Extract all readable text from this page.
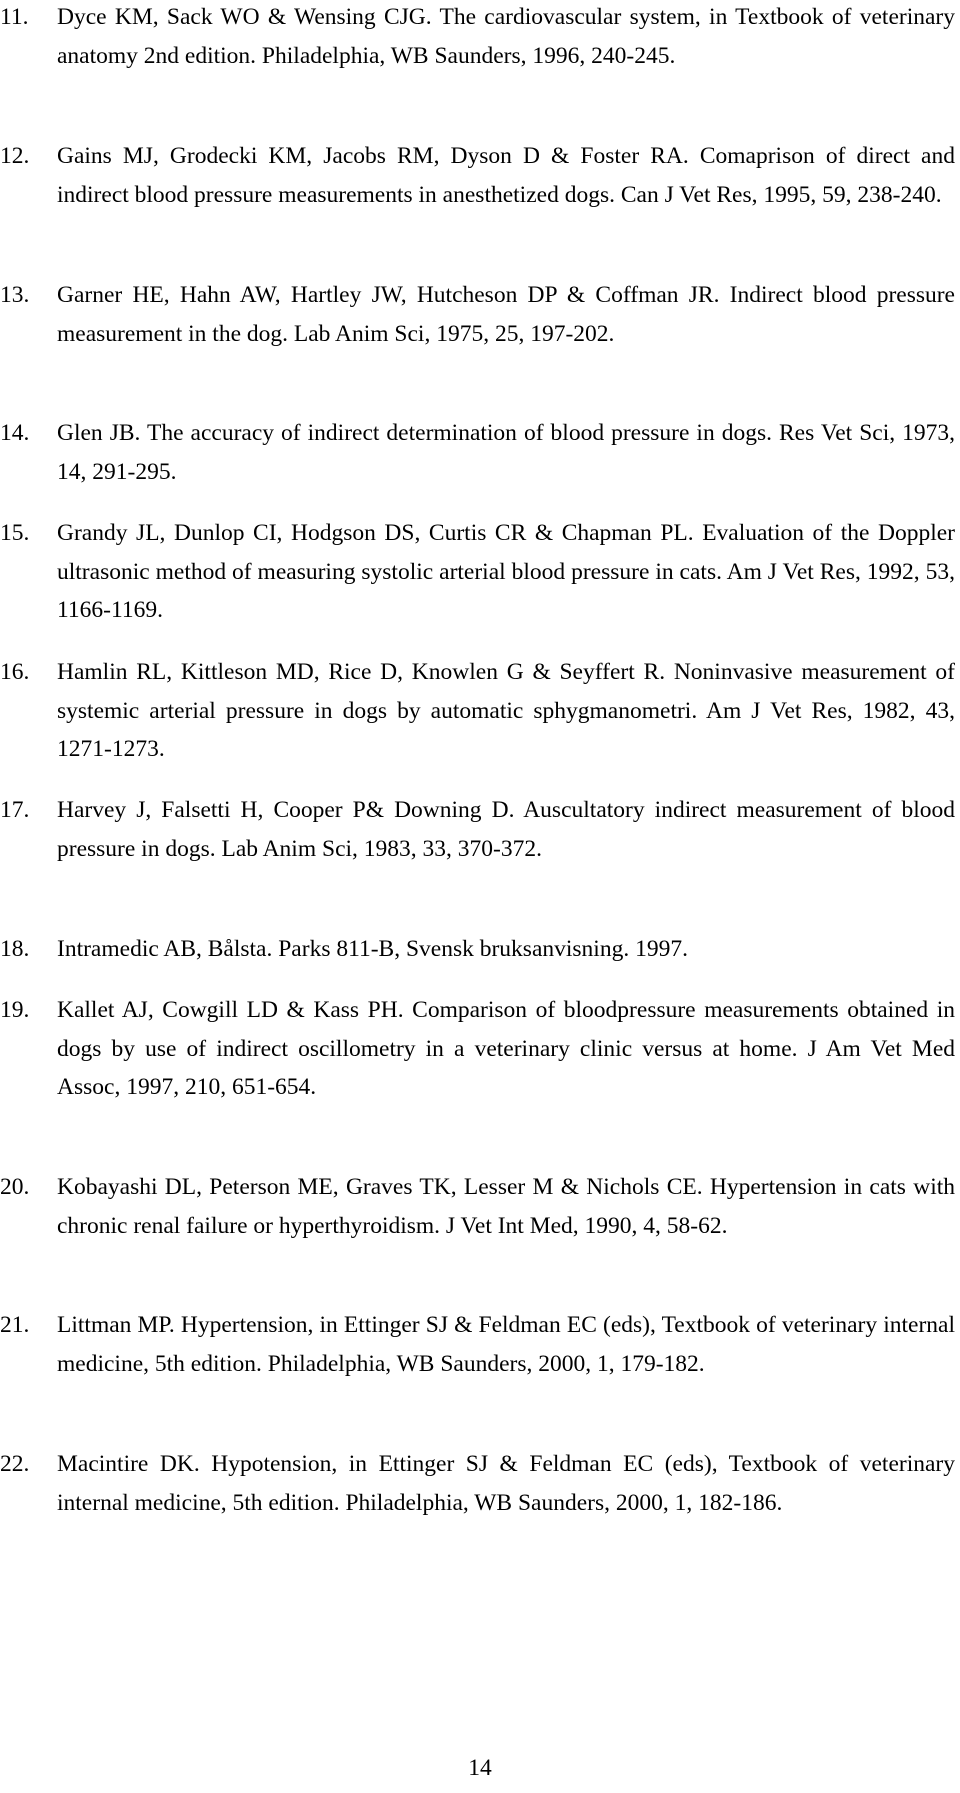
11. Dyce KM, Sack WO & Wensing CJG. The cardiovascular system, in Textbook of veterinary anatomy 2nd edition. Philadelphia, WB Saunders, 1996, 240-245.
12. Gains MJ, Grodecki KM, Jacobs RM, Dyson D & Foster RA. Comaprison of direct and indirect blood pressure measurements in anesthetized dogs. Can J Vet Res, 1995, 59, 238-240.
13. Garner HE, Hahn AW, Hartley JW, Hutcheson DP & Coffman JR. Indirect blood pressure measurement in the dog. Lab Anim Sci, 1975, 25, 197-202.
14. Glen JB. The accuracy of indirect determination of blood pressure in dogs. Res Vet Sci, 1973, 14, 291-295.
15. Grandy JL, Dunlop CI, Hodgson DS, Curtis CR & Chapman PL. Evaluation of the Doppler ultrasonic method of measuring systolic arterial blood pressure in cats. Am J Vet Res, 1992, 53, 1166-1169.
16. Hamlin RL, Kittleson MD, Rice D, Knowlen G & Seyffert R. Noninvasive measurement of systemic arterial pressure in dogs by automatic sphygmanometri. Am J Vet Res, 1982, 43, 1271-1273.
17. Harvey J, Falsetti H, Cooper P& Downing D. Auscultatory indirect measurement of blood pressure in dogs. Lab Anim Sci, 1983, 33, 370-372.
18. Intramedic AB, Bålsta. Parks 811-B, Svensk bruksanvisning. 1997.
19. Kallet AJ, Cowgill LD & Kass PH. Comparison of bloodpressure measurements obtained in dogs by use of indirect oscillometry in a veterinary clinic versus at home. J Am Vet Med Assoc, 1997, 210, 651-654.
20. Kobayashi DL, Peterson ME, Graves TK, Lesser M & Nichols CE. Hypertension in cats with chronic renal failure or hyperthyroidism. J Vet Int Med, 1990, 4, 58-62.
21. Littman MP. Hypertension, in Ettinger SJ & Feldman EC (eds), Textbook of veterinary internal medicine, 5th edition. Philadelphia, WB Saunders, 2000, 1, 179-182.
22. Macintire DK. Hypotension, in Ettinger SJ & Feldman EC (eds), Textbook of veterinary internal medicine, 5th edition. Philadelphia, WB Saunders, 2000, 1, 182-186.
14
